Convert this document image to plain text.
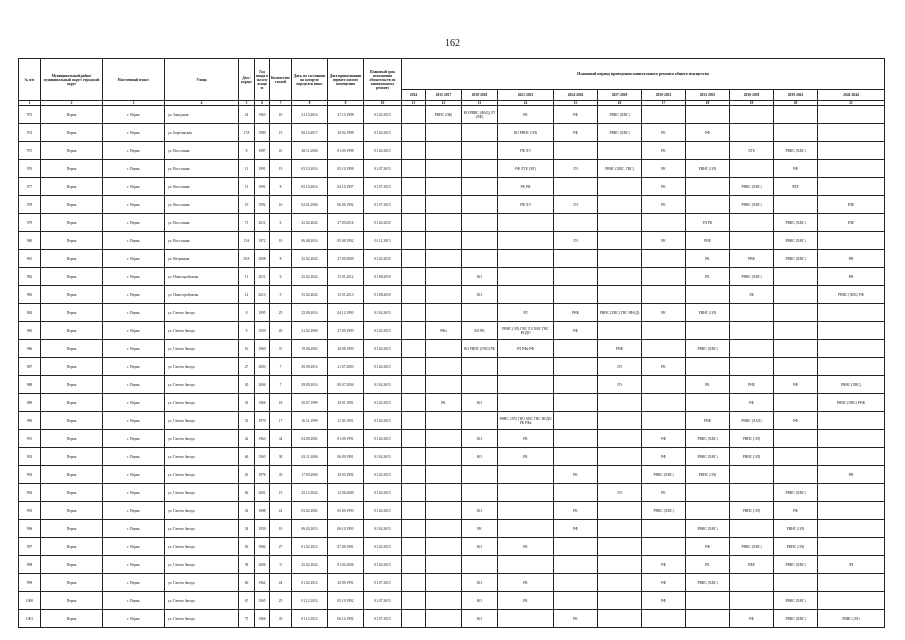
162
№ п/п	Муниципальный район/ муниципальный округ/ городской округ	Населенный пункт	Улица	Дом / корпус	Год ввода в эксплуатацию	Количество этажей	Дата, по состоянию на которую определен износ	Дата приватизации первого жилого помещения	Плановый срок исполнения обязательств по капитальному ремонту	Плановый период проведения капитального ремонта общего имущества										
										2014	2015-2017	2018-2020	2021-2023	2024-2026	2027-2029	2030-2032	2033-2035	2036-2038	2039-2041	2042-2044
1	2	3	4	5	6	7	8	9	10	11	12	13	14	15	16	17	18	19	20	21
973	Пермь	г. Пермь	ул. Заводская	24	1963	10	21.10.2014	27.10.1998	01.02.2015		РВНС (ЛК)	КО,РВНС (ФАД) ЛТ (ЛФ)	РК	РФ	РВНС (ХВС)					
974	Пермь	г. Пермь	ул. Березовская	17А	1989	15	08.10.2017	10.02.1998	01.02.2015				КО РВНС (ЭЛ)	РФ	РВНС (ХВС)	РК	РФ			
975	Пермь	г. Пермь	ул. Восстания	8	1987	10	28.11.2006	01.09.1998	01.02.2015				РФ ЛЭ			РК		ЛТЕ	РВНС (ХВС)	
976	Пермь	г. Пермь	ул. Восстания	11	1991	15	03.10.2014	05.10.1998	01.07.2015				РФ ЛТЕ (ЭЛ)	ЛЭ	РВНС (ХВС, ГВС)	РК	РВНС (ЭЛ)		РФ	
977	Пермь	г. Пермь	ул. Восстания	13	1991	8	05.10.2014	04.10.1997	01.07.2015				РК РФ			РК		РВНС (ХВС)	РЛЕ	
978	Пермь	г. Пермь	ул. Восстания	19	1992	16	02.01.2006	06.06.1992	01.07.2015				РФ ЛЭ	ЛЭ		РК		РВНС (ХВС)		РЛЕ
979	Пермь	г. Пермь	ул. Восстания	71	2011	6	25.02.2022	27.09.2016	01.02.2035								РЛ РК		РВНС (ХВС)	РЛЕ
980	Пермь	г. Пермь	ул. Восстания	11А	1972	10	06.08.2014	05.08.1992	01.11.2015					ЛЭ		РК	РНЕ		РВНС (ХВС)	
981	Пермь	г. Пермь	ул. Ветренная	35А	2008	8	25.02.2022	27.09.2009	01.02.2035								РК	РВК	РВНС (ХВС)	РФ
982	Пермь	г. Пермь	ул. Новостройчатая	11	2011	6	25.02.2022	15.01.2012	01.08.2018			КО					РК	РВНС (ХВС)		РФ
983	Пермь	г. Пермь	ул. Новостройчатая	12	2013	5	15.02.2022	15.01.2013	01.08.2018			КО						ЛК		РВНС (ХВС) РФ
984	Пермь	г. Пермь	ул. Газеты Звезда	8	1995	25	25.09.2014	04.12.1993	01.02.2015				РЛ	РНК	РВНС (ХВС) ГВС РФАД)	РК	РВНС (ЭЛ)			
985	Пермь	г. Пермь	ул. Газеты Звезда	9	1959	43	21.02.2000	27.09.1993	01.02.2015		РФа	КО РК	РВНС (ЭЛ) ГВС ЛЭ ХВС ГВС ВОДО	РФ						
986	Пермь	г. Пермь	ул. Газеты Звезда	16	1960	37	19.06.2003	16.08.1993	01.02.2015			КО РВНС (ГВО) РК	РЛ РФа РФ		РНК		РВНС (ХВС)			
987	Пермь	г. Пермь	ул. Газеты Звезда	27	2003	7	29.09.2014	21.07.2003	01.02.2015						ЛЭ	РК				
988	Пермь	г. Пермь	ул. Газеты Звезда	30	2004	7	29.09.2014	09.07.2004	01.02.2015						ЛЭ		РК	РНЕ	РФ	РВНС (ХВС)
989	Пермь	г. Пермь	ул. Газеты Звезда	33	1966	18	30.07.1999	10.01.1991	01.02.2015		РК	КО						РФ		РВНС (ХВС) РНК
990	Пермь	г. Пермь	ул. Газеты Звезда	35	1979	17	16.11.1999	11.03.1991	01.02.2015				РВНС (ЭЛ) ГВО ХВС ГВС ВОДО РК РФа				РНК	РВНС (ЛАЛ)	РФ	
991	Пермь	г. Пермь	ул. Газеты Звезда	42	1963	34	04.08.2002	01.09.1991	01.02.2015			КО	РК			РФ	РВНС (ХВС)	РВНС (ЭЛ)		
992	Пермь	г. Пермь	ул. Газеты Звезда	46	1963	30	02.11.2006	06.09.1991	01.02.2015			КО	РК			РФ	РВНС (ХВС)	РВНС (ЭЛ)		
993	Пермь	г. Пермь	ул. Газеты Звезда	45	1976	33	17.09.2006	10.03.1992	01.02.2015					РК		РВНС (ХВС)	РВНС (ЭЛ)			РФ
994	Пермь	г. Пермь	ул. Газеты Звезда	46	2001	15	25.12.2022	12.06.2009	01.02.2015						ЛЭ	РК			РВНС (ХВС)	
995	Пермь	г. Пермь	ул. Газеты Звезда	52	1988	22	03.02.2002	05.09.1993	01.02.2015			КО		РК		РВНС (ХВС)		РВНС (ЭЛ)	РФ	
996	Пермь	г. Пермь	ул. Газеты Звезда	54	1959	10	06.03.2013	06.10.1993	01.02.2015			РК		РФ			РВНС (ХВС)		РВНС (ЭЛ)	
997	Пермь	г. Пермь	ул. Газеты Звезда	56	1984	27	01.02.2012	07.08.1991	01.02.2015			КО	РК				РФ	РВНС (ХВС)	РВНС (ЭЛ)	
998	Пермь	г. Пермь	ул. Газеты Звезда	58	2006	9	25.02.2022	01.02.2006	01.02.2015							РФ	РК	РФЕ	РВНС (ХВС)	ЛЧ
999	Пермь	г. Пермь	ул. Газеты Звезда	60	1962	24	01.02.2012	29.09.1991	01.07.2015			КО	РК			РФ	РВНС (ХВС)			
1000	Пермь	г. Пермь	ул. Газеты Звезда	67	1965	25	01.12.2012	05.19.1992	01.07.2015			КО	РК			РФ			РВНС (ХВС)	
1001	Пермь	г. Пермь	ул. Газеты Звезда	75	1966	33	01.12.2012	06.14.1992	01.07.2015			КО		РК				РФ	РВНС (ХВС)	РВНС (ЭЛ)
